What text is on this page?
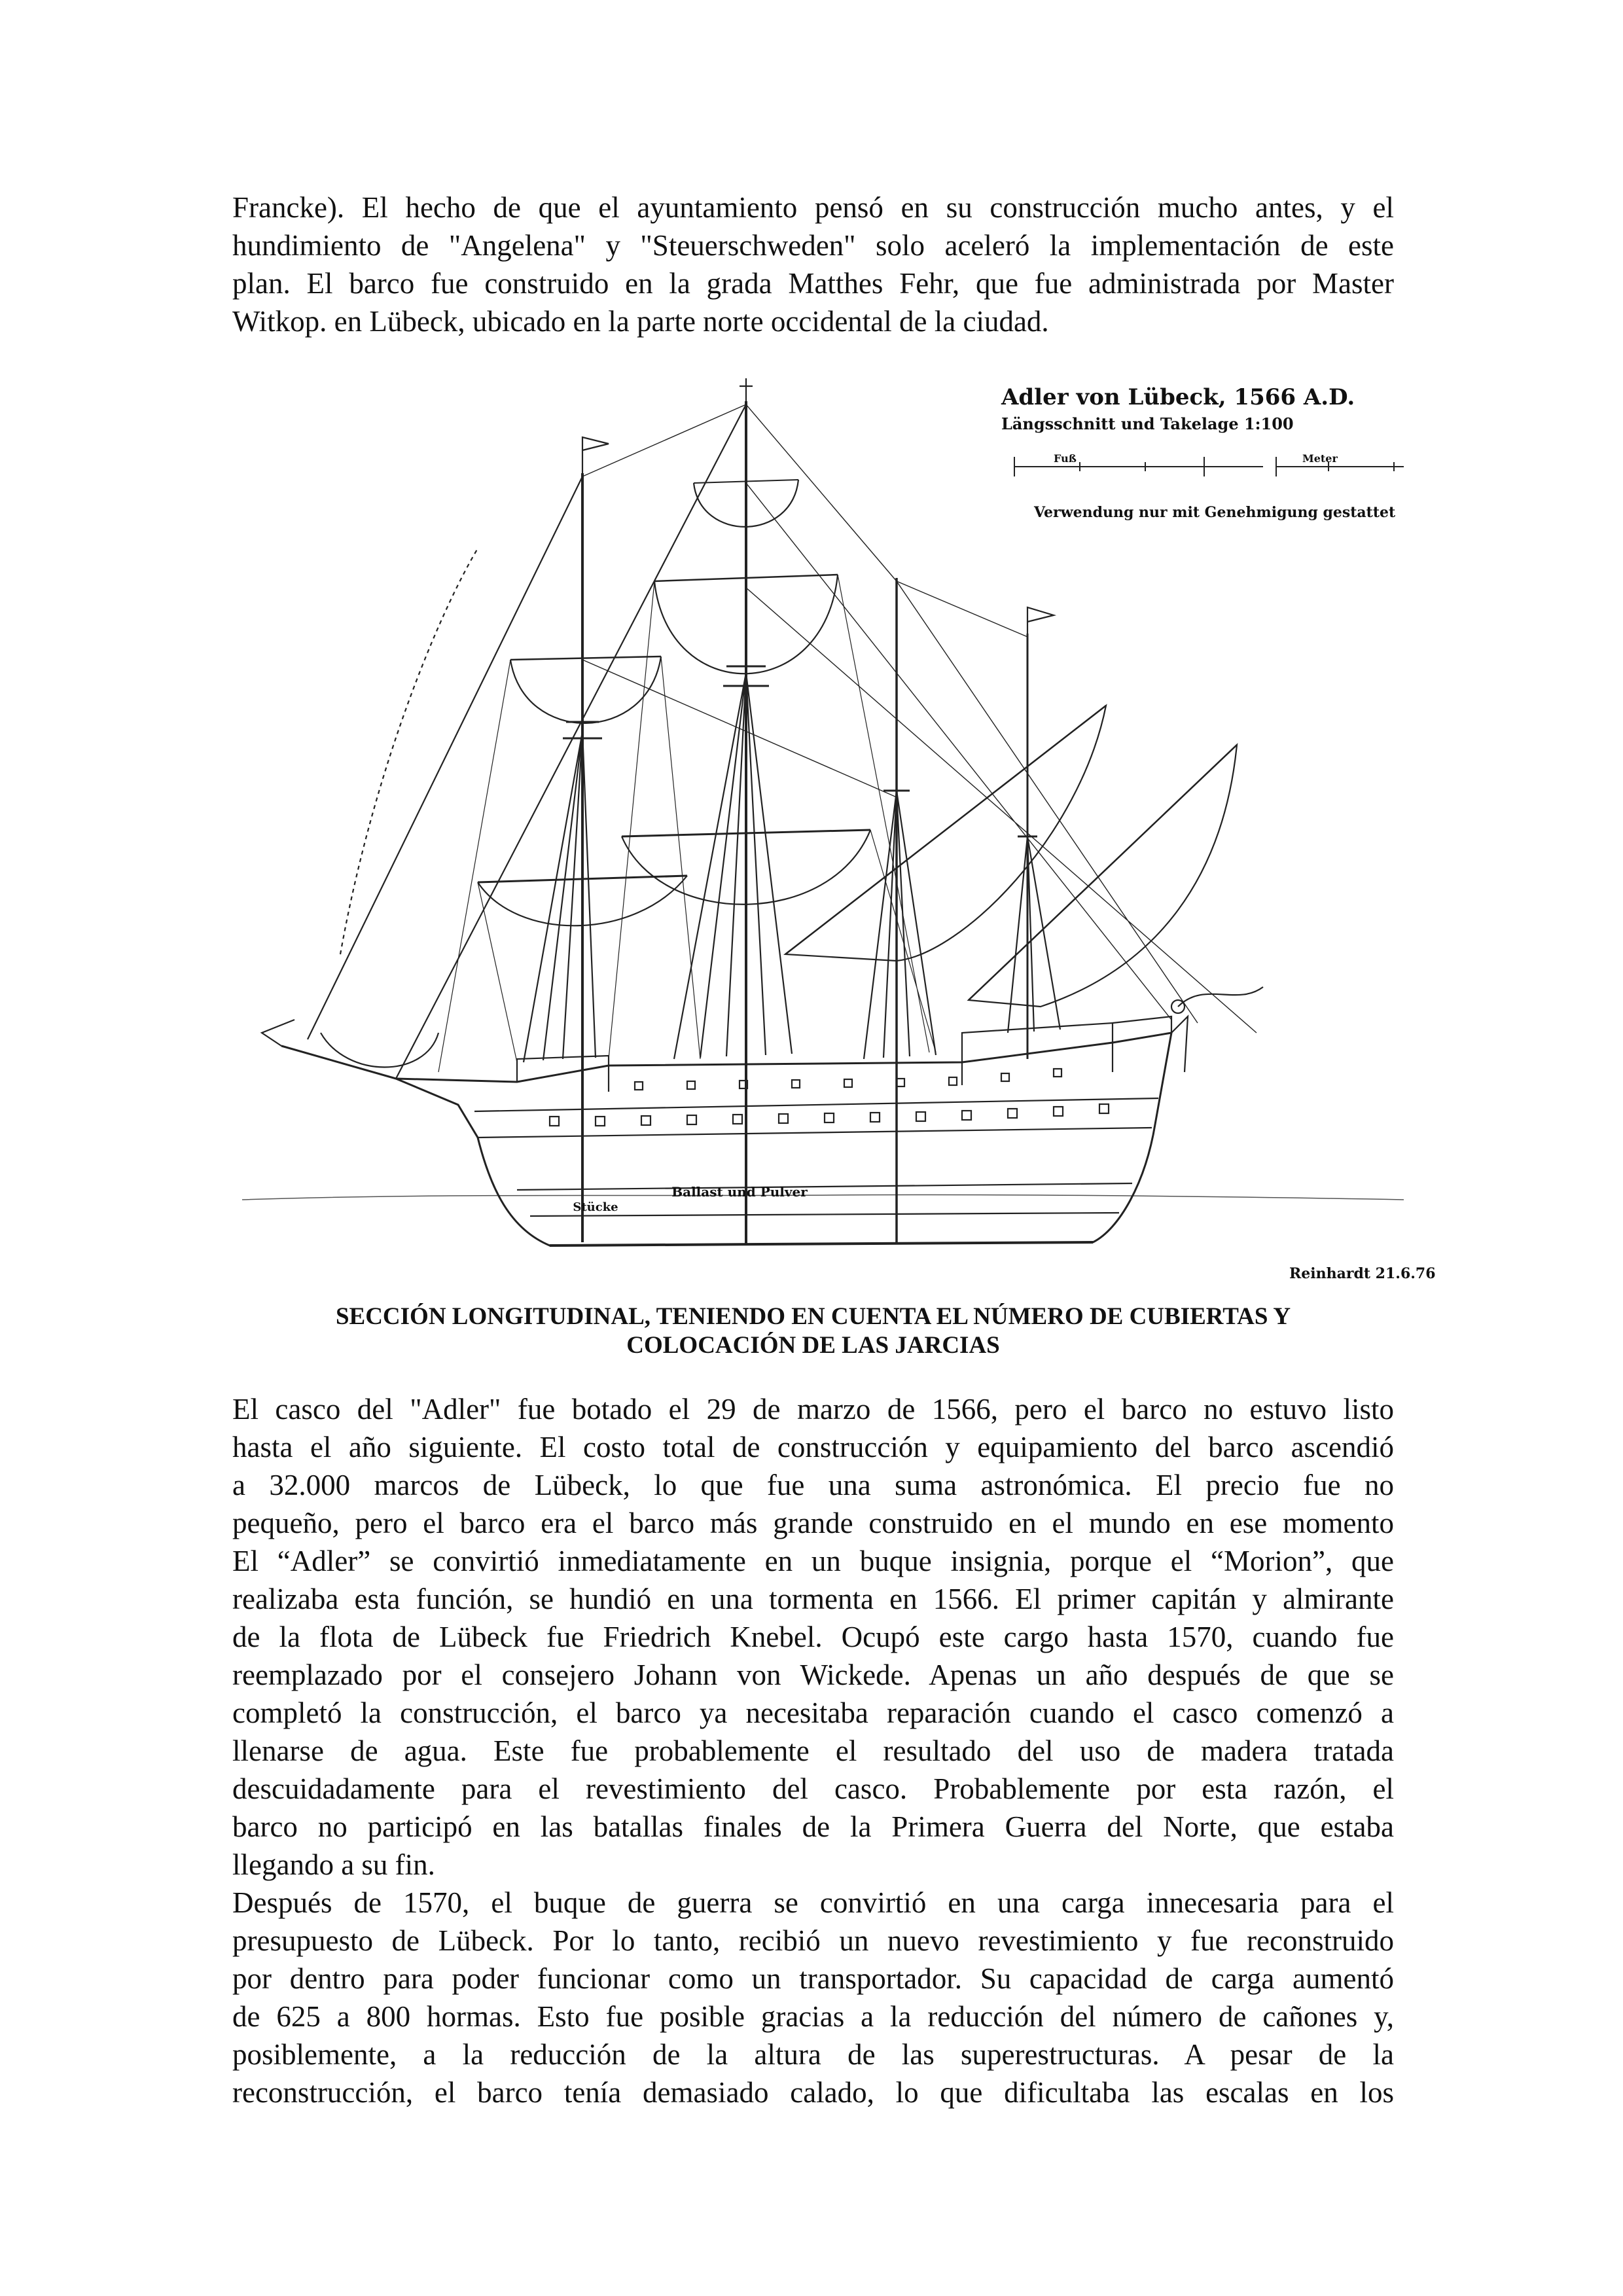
Francke). El hecho de que el ayuntamiento pensó en su construcción mucho antes, y el
hundimiento de "Angelena" y "Steuerschweden" solo aceleró la implementación de este
plan. El barco fue construido en la grada Matthes Fehr, que fue administrada por Master
Witkop. en Lübeck, ubicado en la parte norte occidental de la ciudad.
Ballast und Pulver
Stücke
Adler von Lübeck, 1566 A.D.
Längsschnitt und Takelage 1:100
Fuß	Meter
Verwendung nur mit Genehmigung gestattet
Reinhardt 21.6.76
SECCIÓN LONGITUDINAL, TENIENDO EN CUENTA EL NÚMERO DE CUBIERTAS Y
COLOCACIÓN DE LAS JARCIAS
El casco del "Adler" fue botado el 29 de marzo de 1566, pero el barco no estuvo listo
hasta el año siguiente. El costo total de construcción y equipamiento del barco ascendió
a 32.000 marcos de Lübeck, lo que fue una suma astronómica. El precio fue no
pequeño, pero el barco era el barco más grande construido en el mundo en ese momento
El “Adler” se convirtió inmediatamente en un buque insignia, porque el “Morion”, que
realizaba esta función, se hundió en una tormenta en 1566. El primer capitán y almirante
de la flota de Lübeck fue Friedrich Knebel. Ocupó este cargo hasta 1570, cuando fue
reemplazado por el consejero Johann von Wickede. Apenas un año después de que se
completó la construcción, el barco ya necesitaba reparación cuando el casco comenzó a
llenarse de agua. Este fue probablemente el resultado del uso de madera tratada
descuidadamente para el revestimiento del casco. Probablemente por esta razón, el
barco no participó en las batallas finales de la Primera Guerra del Norte, que estaba
llegando a su fin.
Después de 1570, el buque de guerra se convirtió en una carga innecesaria para el
presupuesto de Lübeck. Por lo tanto, recibió un nuevo revestimiento y fue reconstruido
por dentro para poder funcionar como un transportador. Su capacidad de carga aumentó
de 625 a 800 hormas. Esto fue posible gracias a la reducción del número de cañones y,
posiblemente, a la reducción de la altura de las superestructuras. A pesar de la
reconstrucción, el barco tenía demasiado calado, lo que dificultaba las escalas en los
